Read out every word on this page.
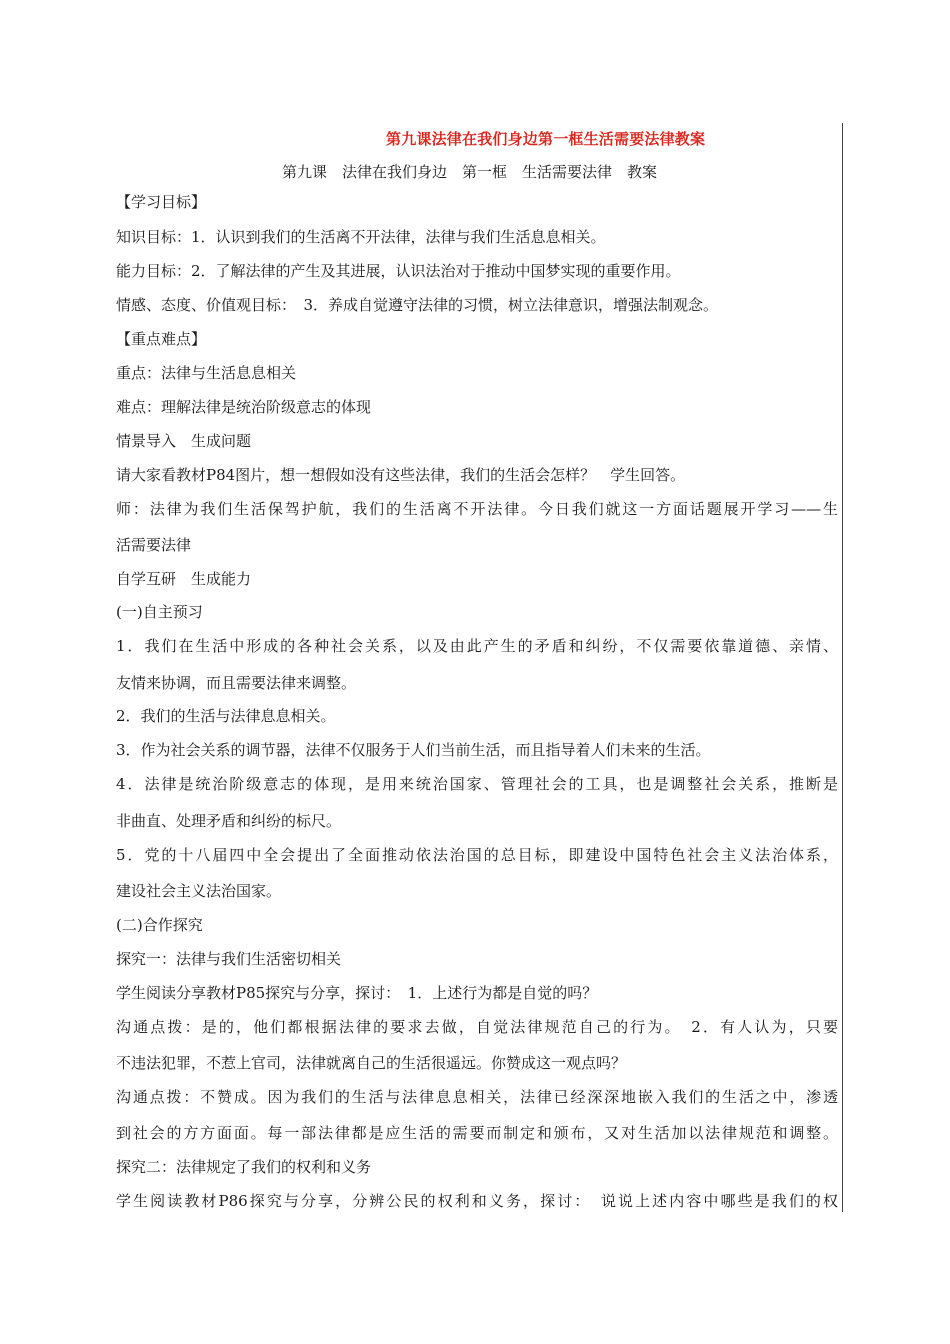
第九课法律在我们身边第一框生活需要法律教案
第九课　法律在我们身边　第一框　生活需要法律　教案
【学习目标】
知识目标：1．认识到我们的生活离不开法律，法律与我们生活息息相关。
能力目标：2．了解法律的产生及其进展，认识法治对于推动中国梦实现的重要作用。
情感、态度、价值观目标：　3．养成自觉遵守法律的习惯，树立法律意识，增强法制观念。
【重点难点】
重点：法律与生活息息相关
难点：理解法律是统治阶级意志的体现
情景导入　生成问题
请大家看教材P84图片，想一想假如没有这些法律，我们的生活会怎样？　学生回答。
师：法律为我们生活保驾护航，我们的生活离不开法律。今日我们就这一方面话题展开学习——生
活需要法律
自学互研　生成能力
(一)自主预习
1．我们在生活中形成的各种社会关系，以及由此产生的矛盾和纠纷，不仅需要依靠道德、亲情、
友情来协调，而且需要法律来调整。
2．我们的生活与法律息息相关。
3．作为社会关系的调节器，法律不仅服务于人们当前生活，而且指导着人们未来的生活。
4．法律是统治阶级意志的体现，是用来统治国家、管理社会的工具，也是调整社会关系，推断是
非曲直、处理矛盾和纠纷的标尺。
5．党的十八届四中全会提出了全面推动依法治国的总目标，即建设中国特色社会主义法治体系，
建设社会主义法治国家。
(二)合作探究
探究一：法律与我们生活密切相关
学生阅读分享教材P85探究与分享，探讨：　1．上述行为都是自觉的吗？
沟通点拨：是的，他们都根据法律的要求去做，自觉法律规范自己的行为。　2．有人认为，只要
不违法犯罪，不惹上官司，法律就离自己的生活很遥远。你赞成这一观点吗？
沟通点拨：不赞成。因为我们的生活与法律息息相关，法律已经深深地嵌入我们的生活之中，渗透
到社会的方方面面。每一部法律都是应生活的需要而制定和颁布，又对生活加以法律规范和调整。
探究二：法律规定了我们的权利和义务
学生阅读教材P86探究与分享，分辨公民的权利和义务，探讨：　说说上述内容中哪些是我们的权
